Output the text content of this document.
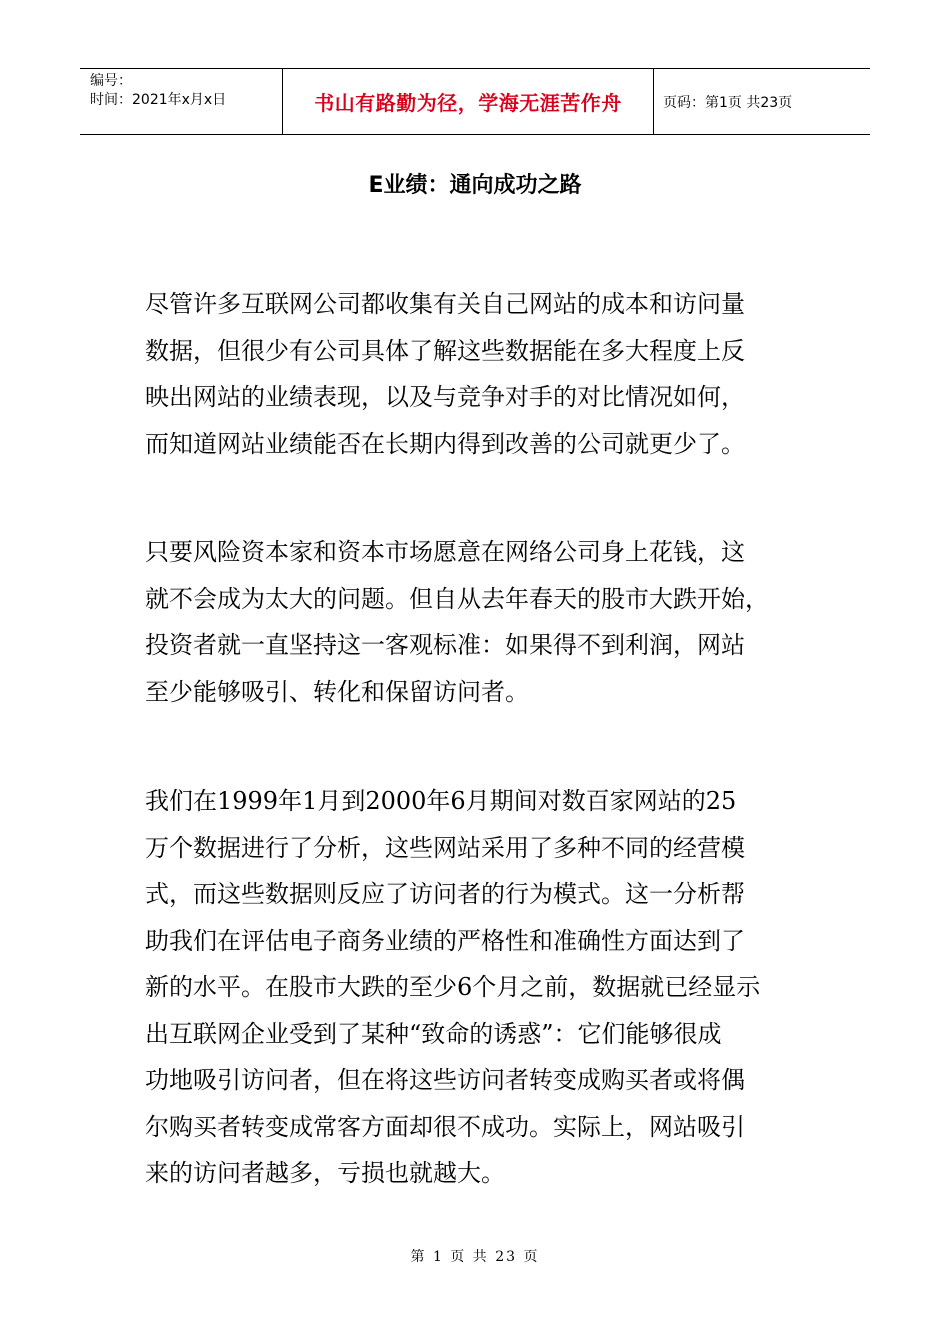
编号：
时间：2021年x月x日	书山有路勤为径，学海无涯苦作舟	页码：第1页 共23页
E业绩：通向成功之路
尽管许多互联网公司都收集有关自己网站的成本和访问量
数据，但很少有公司具体了解这些数据能在多大程度上反
映出网站的业绩表现，以及与竞争对手的对比情况如何，
而知道网站业绩能否在长期内得到改善的公司就更少了。
只要风险资本家和资本市场愿意在网络公司身上花钱，这
就不会成为太大的问题。但自从去年春天的股市大跌开始，
投资者就一直坚持这一客观标准：如果得不到利润，网站
至少能够吸引、转化和保留访问者。
我们在1999年1月到2000年6月期间对数百家网站的25
万个数据进行了分析，这些网站采用了多种不同的经营模
式，而这些数据则反应了访问者的行为模式。这一分析帮
助我们在评估电子商务业绩的严格性和准确性方面达到了
新的水平。在股市大跌的至少6个月之前，数据就已经显示
出互联网企业受到了某种“致命的诱惑”：它们能够很成
功地吸引访问者，但在将这些访问者转变成购买者或将偶
尔购买者转变成常客方面却很不成功。实际上，网站吸引
来的访问者越多，亏损也就越大。
第 1 页 共 23 页
